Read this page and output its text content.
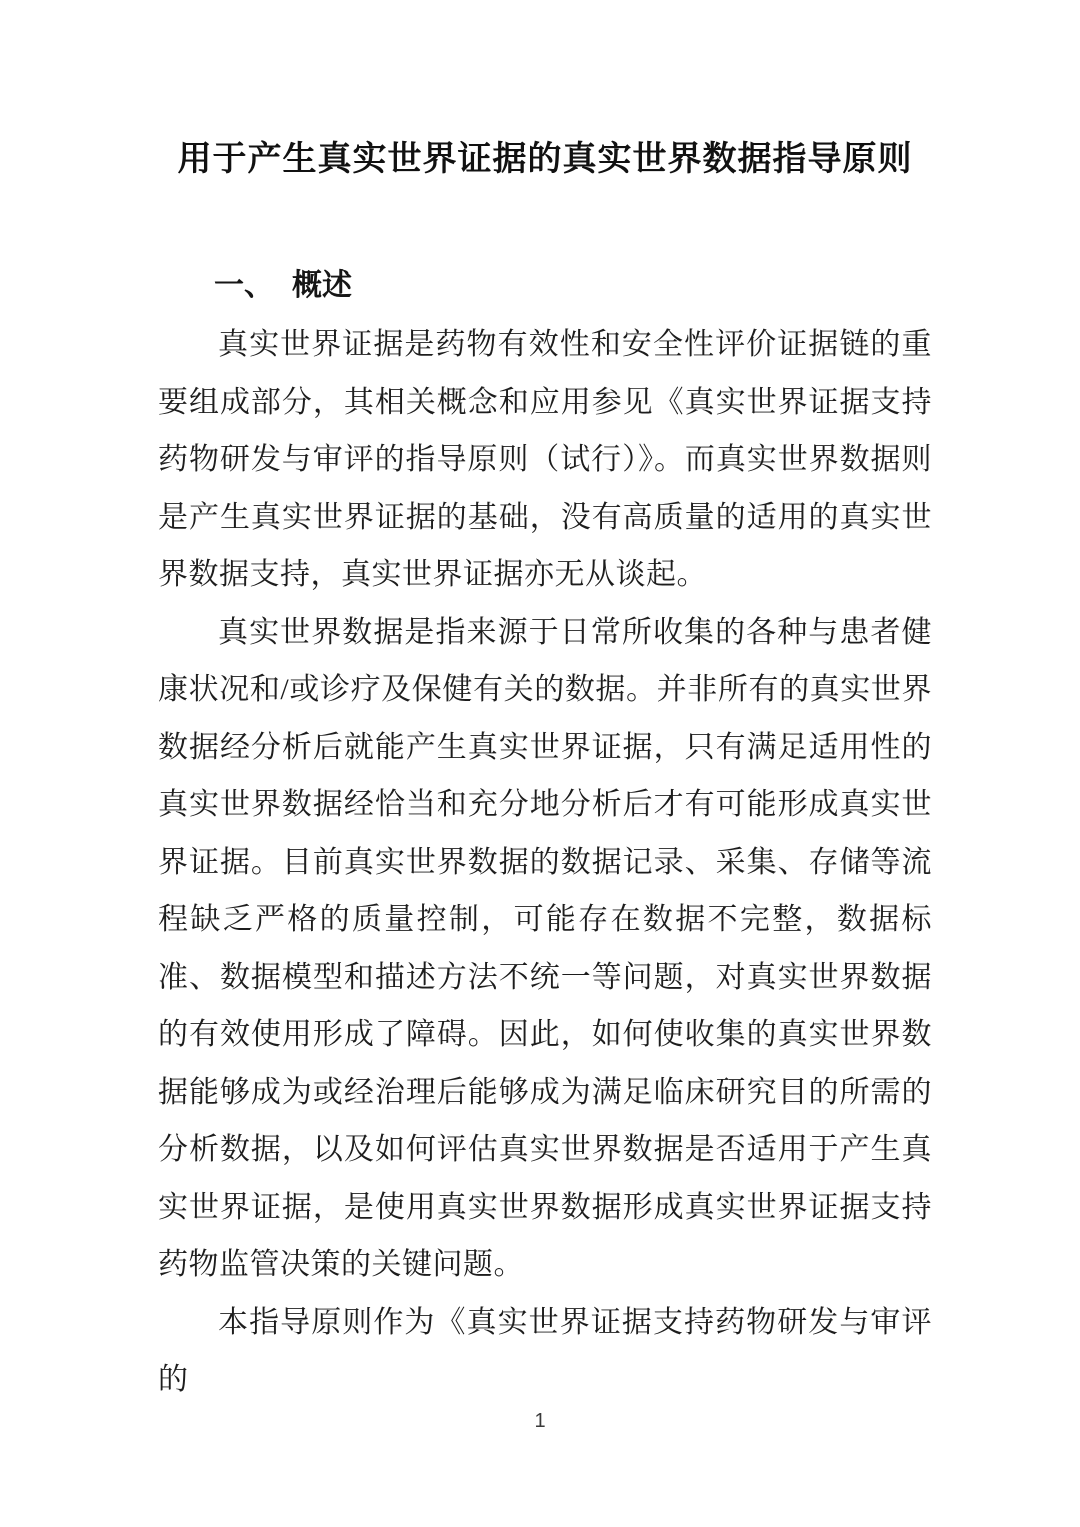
用于产生真实世界证据的真实世界数据指导原则
一、 概述

真实世界证据是药物有效性和安全性评价证据链的重要组成部分，其相关概念和应用参见《真实世界证据支持药物研发与审评的指导原则（试行）》。而真实世界数据则是产生真实世界证据的基础，没有高质量的适用的真实世界数据支持，真实世界证据亦无从谈起。

真实世界数据是指来源于日常所收集的各种与患者健康状况和/或诊疗及保健有关的数据。并非所有的真实世界数据经分析后就能产生真实世界证据，只有满足适用性的真实世界数据经恰当和充分地分析后才有可能形成真实世界证据。目前真实世界数据的数据记录、采集、存储等流程缺乏严格的质量控制，可能存在数据不完整，数据标准、数据模型和描述方法不统一等问题，对真实世界数据的有效使用形成了障碍。因此，如何使收集的真实世界数据能够成为或经治理后能够成为满足临床研究目的所需的分析数据，以及如何评估真实世界数据是否适用于产生真实世界证据，是使用真实世界数据形成真实世界证据支持药物监管决策的关键问题。

本指导原则作为《真实世界证据支持药物研发与审评的

1
